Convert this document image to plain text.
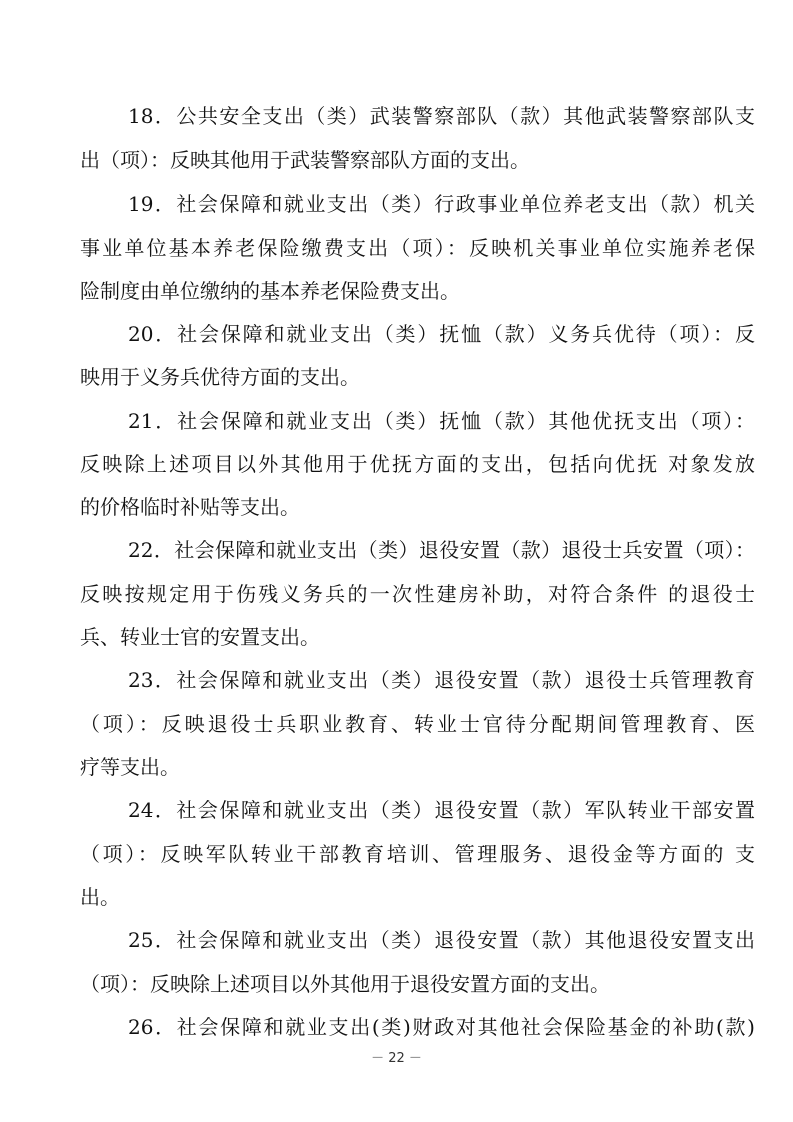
18．公共安全支出（类）武装警察部队（款）其他武装警察部队支

出（项）：反映其他用于武装警察部队方面的支出。

19．社会保障和就业支出（类）行政事业单位养老支出（款）机关

事业单位基本养老保险缴费支出（项）：反映机关事业单位实施养老保

险制度由单位缴纳的基本养老保险费支出。

20．社会保障和就业支出（类）抚恤（款）义务兵优待（项）：反

映用于义务兵优待方面的支出。

21．社会保障和就业支出（类）抚恤（款）其他优抚支出（项）：

反映除上述项目以外其他用于优抚方面的支出，包括向优抚 对象发放

的价格临时补贴等支出。

22．社会保障和就业支出（类）退役安置（款）退役士兵安置（项）：

反映按规定用于伤残义务兵的一次性建房补助，对符合条件 的退役士

兵、转业士官的安置支出。

23．社会保障和就业支出（类）退役安置（款）退役士兵管理教育

（项）：反映退役士兵职业教育、转业士官待分配期间管理教育、医

疗等支出。

24．社会保障和就业支出（类）退役安置（款）军队转业干部安置

（项）：反映军队转业干部教育培训、管理服务、退役金等方面的 支

出。

25．社会保障和就业支出（类）退役安置（款）其他退役安置支出

（项）：反映除上述项目以外其他用于退役安置方面的支出。

26．社会保障和就业支出(类)财政对其他社会保险基金的补助(款)

－ 22 －
